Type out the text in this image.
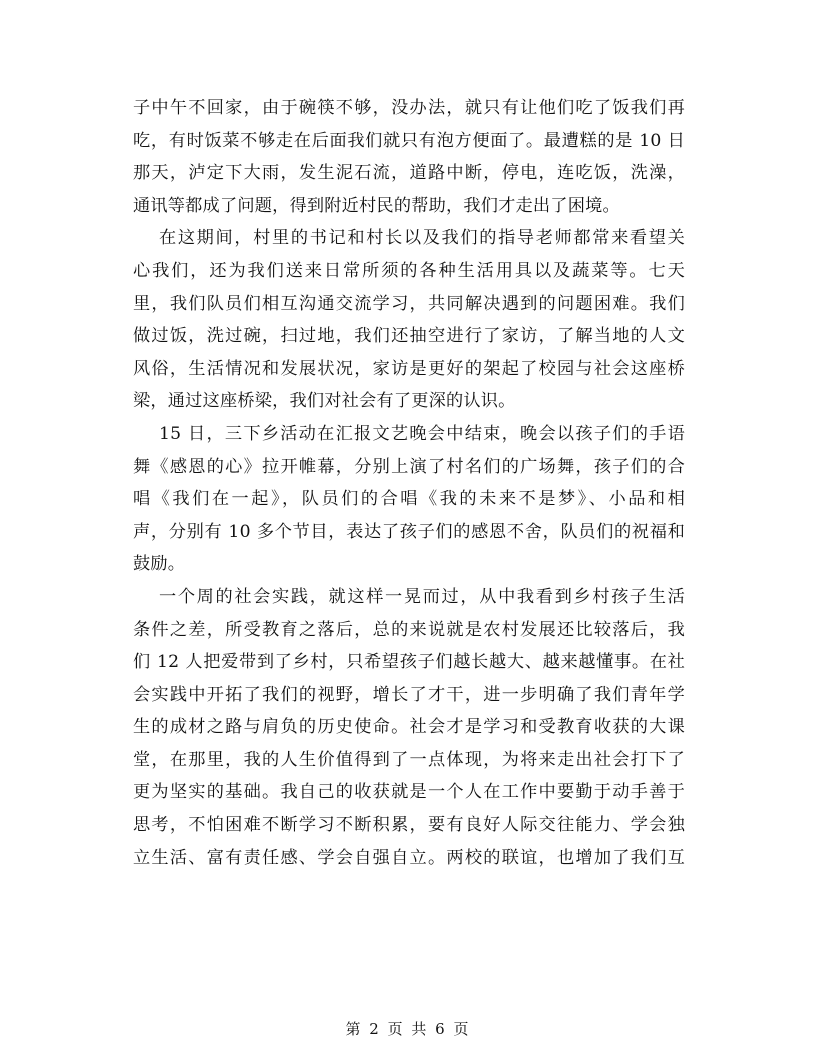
子中午不回家，由于碗筷不够，没办法，就只有让他们吃了饭我们再
吃，有时饭菜不够走在后面我们就只有泡方便面了。最遭糕的是 10 日
那天，泸定下大雨，发生泥石流，道路中断，停电，连吃饭，洗澡，
通讯等都成了问题，得到附近村民的帮助，我们才走出了困境。
在这期间，村里的书记和村长以及我们的指导老师都常来看望关
心我们，还为我们送来日常所须的各种生活用具以及蔬菜等。七天
里，我们队员们相互沟通交流学习，共同解决遇到的问题困难。我们
做过饭，洗过碗，扫过地，我们还抽空进行了家访，了解当地的人文
风俗，生活情况和发展状况，家访是更好的架起了校园与社会这座桥
梁，通过这座桥梁，我们对社会有了更深的认识。
15 日，三下乡活动在汇报文艺晚会中结束，晚会以孩子们的手语
舞《感恩的心》拉开帷幕，分别上演了村名们的广场舞，孩子们的合
唱《我们在一起》，队员们的合唱《我的未来不是梦》、小品和相
声，分别有 10 多个节目，表达了孩子们的感恩不舍，队员们的祝福和
鼓励。
一个周的社会实践，就这样一晃而过，从中我看到乡村孩子生活
条件之差，所受教育之落后，总的来说就是农村发展还比较落后，我
们 12 人把爱带到了乡村，只希望孩子们越长越大、越来越懂事。在社
会实践中开拓了我们的视野，增长了才干，进一步明确了我们青年学
生的成材之路与肩负的历史使命。社会才是学习和受教育收获的大课
堂，在那里，我的人生价值得到了一点体现，为将来走出社会打下了
更为坚实的基础。我自己的收获就是一个人在工作中要勤于动手善于
思考，不怕困难不断学习不断积累，要有良好人际交往能力、学会独
立生活、富有责任感、学会自强自立。两校的联谊，也增加了我们互
第 2 页 共 6 页
